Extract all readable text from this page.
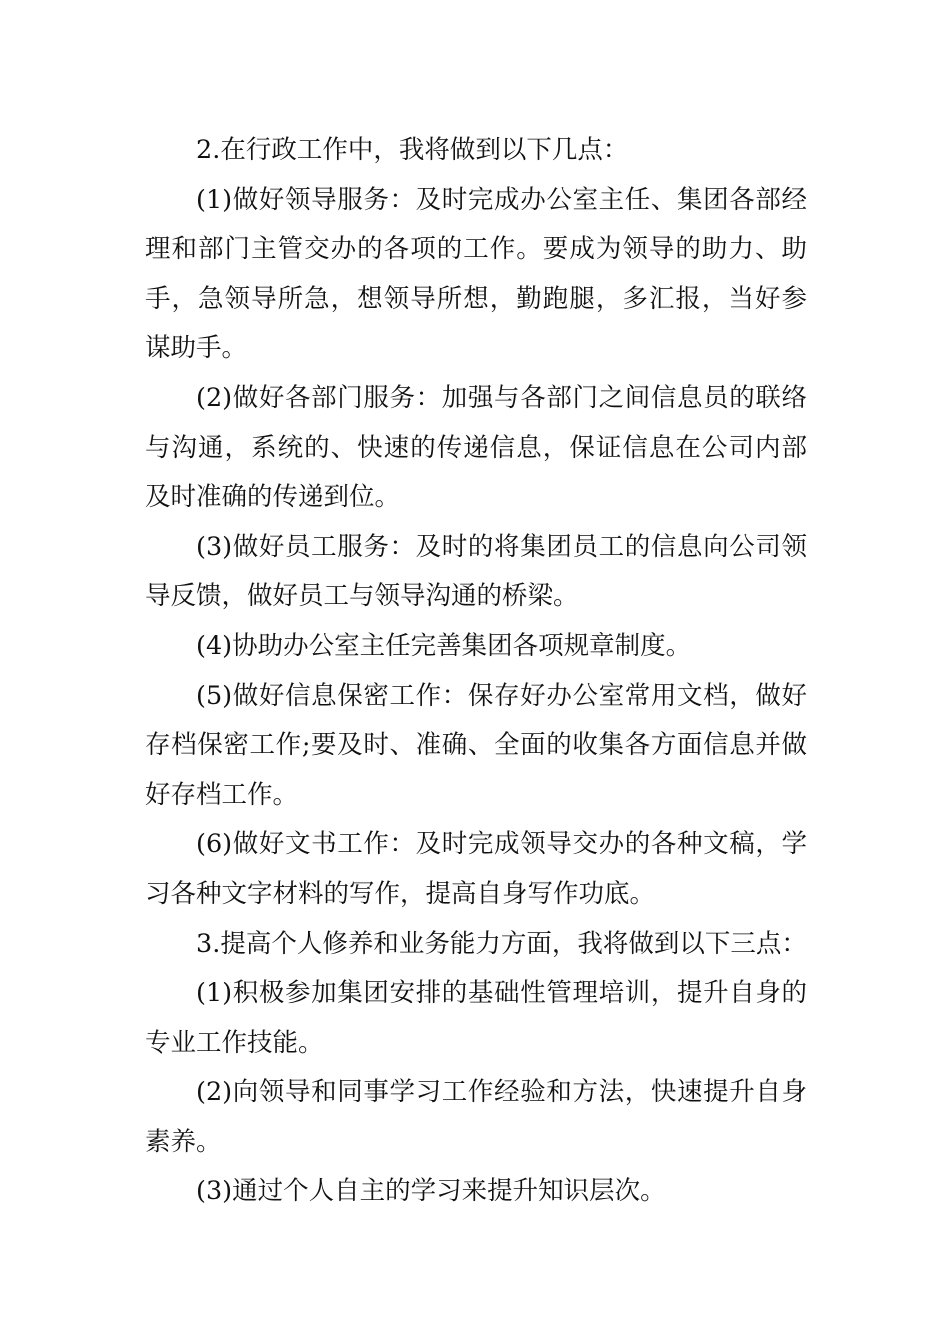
2.在行政工作中，我将做到以下几点：

(1)做好领导服务：及时完成办公室主任、集团各部经理和部门主管交办的各项的工作。要成为领导的助力、助手，急领导所急，想领导所想，勤跑腿，多汇报，当好参谋助手。

(2)做好各部门服务：加强与各部门之间信息员的联络与沟通，系统的、快速的传递信息，保证信息在公司内部及时准确的传递到位。

(3)做好员工服务：及时的将集团员工的信息向公司领导反馈，做好员工与领导沟通的桥梁。

(4)协助办公室主任完善集团各项规章制度。

(5)做好信息保密工作：保存好办公室常用文档，做好存档保密工作;要及时、准确、全面的收集各方面信息并做好存档工作。

(6)做好文书工作：及时完成领导交办的各种文稿，学习各种文字材料的写作，提高自身写作功底。

3.提高个人修养和业务能力方面，我将做到以下三点：

(1)积极参加集团安排的基础性管理培训，提升自身的专业工作技能。

(2)向领导和同事学习工作经验和方法，快速提升自身素养。

(3)通过个人自主的学习来提升知识层次。
